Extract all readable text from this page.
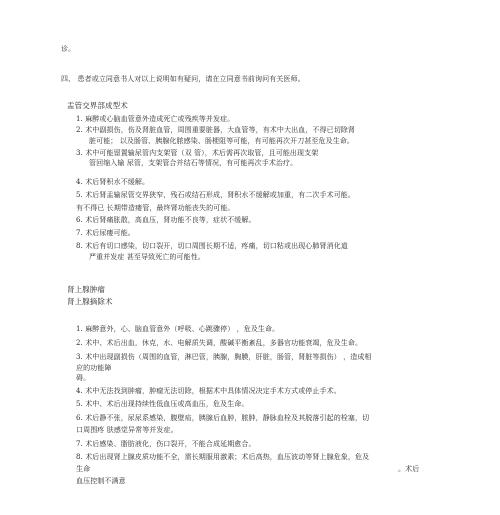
诊。
四、 患者或立同意书人对以上说明如有疑问，请在立同意书前询问有关医师。
盂管交界部成型术
1. 麻醉或心脑血管意外造成死亡或残疾等并发症。
2. 术中副损伤，伤及肾脏血管，周围重要脏器，大血管等，有术中大出血，不得已切除肾
脏可能； 以及肠管、胰腺化脓感染、肠梗阻等可能，有可能再次开刀甚至危及生命。
3. 术中可能留置输尿管内支架管（双 管），术后需再次取管，且可能出现支架
管回缩入输 尿管，支架管合并结石等情况，有可能再次手术治疗。
4. 术后肾积水不缓解。
5. 术后肾盂输尿管交界狭窄，残石或结石形成，肾积水不缓解或加重，有二次手术可能。
有不得已 长期带造瘘管，最终肾功能丧失的可能。
6. 术后肾痛胀散，高血压，肾功能不良等，症状不缓解。
7. 术后尿瘘可能。
8. 术后有切口感染，切口裂开，切口周围长期不适，疼痛，切口粘或出现心肺肾消化道
严重并发症 甚至导致死亡的可能性。
肾上腺肿瘤
肾上腺摘除术
1. 麻醉意外，心、脑血管意外（呼吸、心跳骤停） ，危及生命。
2. 术中、术后出血，休克，水、电解质失调，酸碱平衡紊乱，多器官功能衰竭，危及生命。
3. 术中出现副损伤（周围的血管，淋巴管，胰腺，胸膜，肝脏，肠管，肾脏等损伤） ，造成相
应的功能障
碍。
4. 术中无法找到肿瘤，肿瘤无法切除，根据术中具体情况决定手术方式或停止手术。
5. 术中、术后出现持续性低血压或高血压，危及生命。
6. 术后静不张，尿尿系感染，腹壁疝，胰腺后血肿，脓肿，静脉血栓及其脱落引起的栓塞，切
口周围疼 肤感觉异常等并发症。
7. 术后感染、脂肪液化，伤口裂开，不能合成延期愈合。
8. 术后出现肾上腺皮质功能不全，需长期服用激素；术后高热，血压波动等肾上腺危象，危及
生命	。术后
血压控制不满意
